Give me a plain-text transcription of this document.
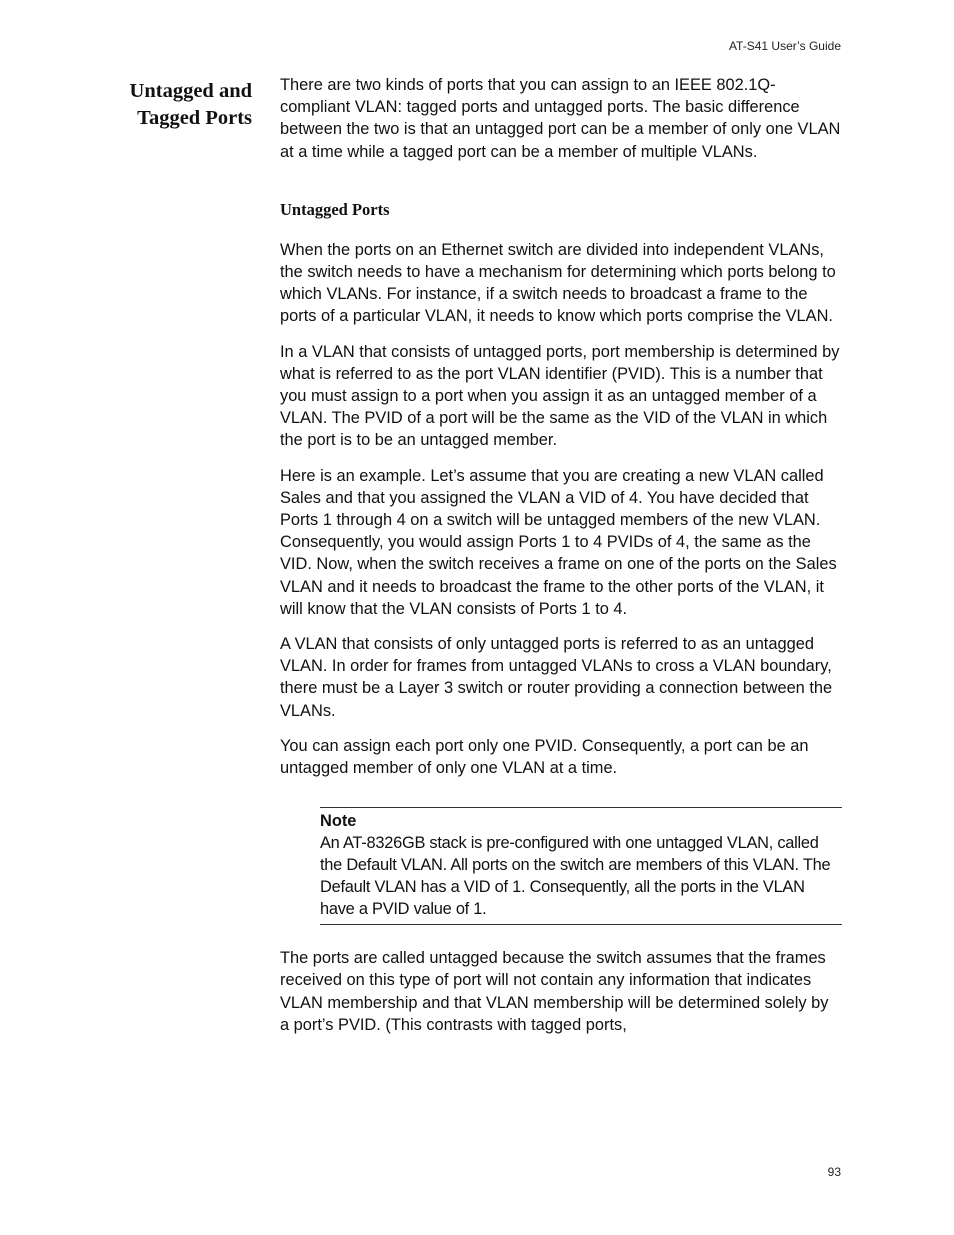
AT-S41 User’s Guide
Untagged and
Tagged Ports

There are two kinds of ports that you can assign to an IEEE 802.1Q-compliant VLAN: tagged ports and untagged ports. The basic difference between the two is that an untagged port can be a member of only one VLAN at a time while a tagged port can be a member of multiple VLANs.

Untagged Ports

When the ports on an Ethernet switch are divided into independent VLANs, the switch needs to have a mechanism for determining which ports belong to which VLANs. For instance, if a switch needs to broadcast a frame to the ports of a particular VLAN, it needs to know which ports comprise the VLAN.

In a VLAN that consists of untagged ports, port membership is determined by what is referred to as the port VLAN identifier (PVID). This is a number that you must assign to a port when you assign it as an untagged member of a VLAN. The PVID of a port will be the same as the VID of the VLAN in which the port is to be an untagged member.

Here is an example. Let’s assume that you are creating a new VLAN called Sales and that you assigned the VLAN a VID of 4. You have decided that Ports 1 through 4 on a switch will be untagged members of the new VLAN. Consequently, you would assign Ports 1 to 4 PVIDs of 4, the same as the VID. Now, when the switch receives a frame on one of the ports on the Sales VLAN and it needs to broadcast the frame to the other ports of the VLAN, it will know that the VLAN consists of Ports 1 to 4.

A VLAN that consists of only untagged ports is referred to as an untagged VLAN. In order for frames from untagged VLANs to cross a VLAN boundary, there must be a Layer 3 switch or router providing a connection between the VLANs.

You can assign each port only one PVID. Consequently, a port can be an untagged member of only one VLAN at a time.

Note
An AT-8326GB stack is pre-configured with one untagged VLAN, called the Default VLAN. All ports on the switch are members of this VLAN. The Default VLAN has a VID of 1. Consequently, all the ports in the VLAN have a PVID value of 1.

The ports are called untagged because the switch assumes that the frames received on this type of port will not contain any information that indicates VLAN membership and that VLAN membership will be determined solely by a port’s PVID. (This contrasts with tagged ports,

93
